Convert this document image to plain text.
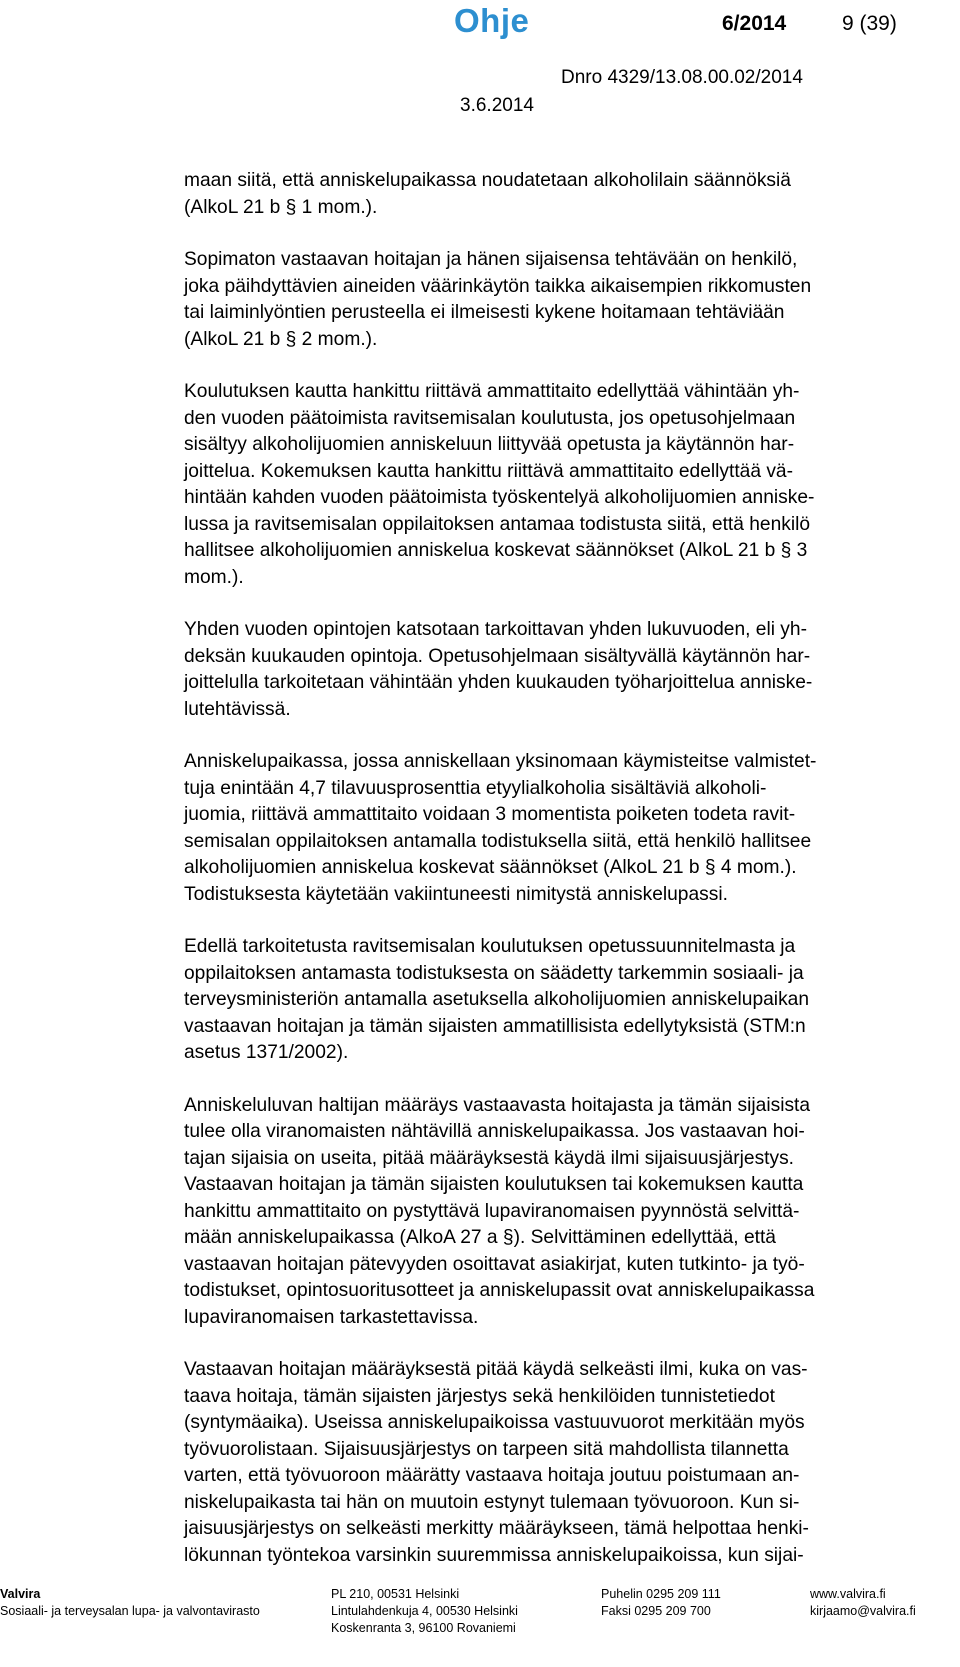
Ohje	6/2014	9 (39)
Dnro 4329/13.08.00.02/2014
3.6.2014

maan siitä, että anniskelupaikassa noudatetaan alkoholilain säännöksiä
(AlkoL 21 b § 1 mom.).

Sopimaton vastaavan hoitajan ja hänen sijaisensa tehtävään on henkilö,
joka päihdyttävien aineiden väärinkäytön taikka aikaisempien rikkomusten
tai laiminlyöntien perusteella ei ilmeisesti kykene hoitamaan tehtäviään
(AlkoL 21 b § 2 mom.).

Koulutuksen kautta hankittu riittävä ammattitaito edellyttää vähintään yh-
den vuoden päätoimista ravitsemisalan koulutusta, jos opetusohjelmaan
sisältyy alkoholijuomien anniskeluun liittyvää opetusta ja käytännön har-
joittelua. Kokemuksen kautta hankittu riittävä ammattitaito edellyttää vä-
hintään kahden vuoden päätoimista työskentelyä alkoholijuomien anniske-
lussa ja ravitsemisalan oppilaitoksen antamaa todistusta siitä, että henkilö
hallitsee alkoholijuomien anniskelua koskevat säännökset (AlkoL 21 b § 3
mom.).

Yhden vuoden opintojen katsotaan tarkoittavan yhden lukuvuoden, eli yh-
deksän kuukauden opintoja. Opetusohjelmaan sisältyvällä käytännön har-
joittelulla tarkoitetaan vähintään yhden kuukauden työharjoittelua anniske-
lutehtävissä.

Anniskelupaikassa, jossa anniskellaan yksinomaan käymisteitse valmistet-
tuja enintään 4,7 tilavuusprosenttia etyylialkoholia sisältäviä alkoholi-
juomia, riittävä ammattitaito voidaan 3 momentista poiketen todeta ravit-
semisalan oppilaitoksen antamalla todistuksella siitä, että henkilö hallitsee
alkoholijuomien anniskelua koskevat säännökset (AlkoL 21 b § 4 mom.).
Todistuksesta käytetään vakiintuneesti nimitystä anniskelupassi.

Edellä tarkoitetusta ravitsemisalan koulutuksen opetussuunnitelmasta ja
oppilaitoksen antamasta todistuksesta on säädetty tarkemmin sosiaali- ja
terveysministeriön antamalla asetuksella alkoholijuomien anniskelupaikan
vastaavan hoitajan ja tämän sijaisten ammatillisista edellytyksistä (STM:n
asetus 1371/2002).

Anniskeluluvan haltijan määräys vastaavasta hoitajasta ja tämän sijaisista
tulee olla viranomaisten nähtävillä anniskelupaikassa. Jos vastaavan hoi-
tajan sijaisia on useita, pitää määräyksestä käydä ilmi sijaisuusjärjestys.
Vastaavan hoitajan ja tämän sijaisten koulutuksen tai kokemuksen kautta
hankittu ammattitaito on pystyttävä lupaviranomaisen pyynnöstä selvittä-
mään anniskelupaikassa (AlkoA 27 a §). Selvittäminen edellyttää, että
vastaavan hoitajan pätevyyden osoittavat asiakirjat, kuten tutkinto- ja työ-
todistukset, opintosuoritusotteet ja anniskelupassit ovat anniskelupaikassa
lupaviranomaisen tarkastettavissa.

Vastaavan hoitajan määräyksestä pitää käydä selkeästi ilmi, kuka on vas-
taava hoitaja, tämän sijaisten järjestys sekä henkilöiden tunnistetiedot
(syntymäaika). Useissa anniskelupaikoissa vastuuvuorot merkitään myös
työvuorolistaan. Sijaisuusjärjestys on tarpeen sitä mahdollista tilannetta
varten, että työvuoroon määrätty vastaava hoitaja joutuu poistumaan an-
niskelupaikasta tai hän on muutoin estynyt tulemaan työvuoroon. Kun si-
jaisuusjärjestys on selkeästi merkitty määräykseen, tämä helpottaa henki-
lökunnan työntekoa varsinkin suuremmissa anniskelupaikoissa, kun sijai-

Valvira
Sosiaali- ja terveysalan lupa- ja valvontavirasto
PL 210, 00531 Helsinki
Lintulahdenkuja 4, 00530 Helsinki
Koskenranta 3, 96100 Rovaniemi
Puhelin 0295 209 111
Faksi 0295 209 700
www.valvira.fi
kirjaamo@valvira.fi
